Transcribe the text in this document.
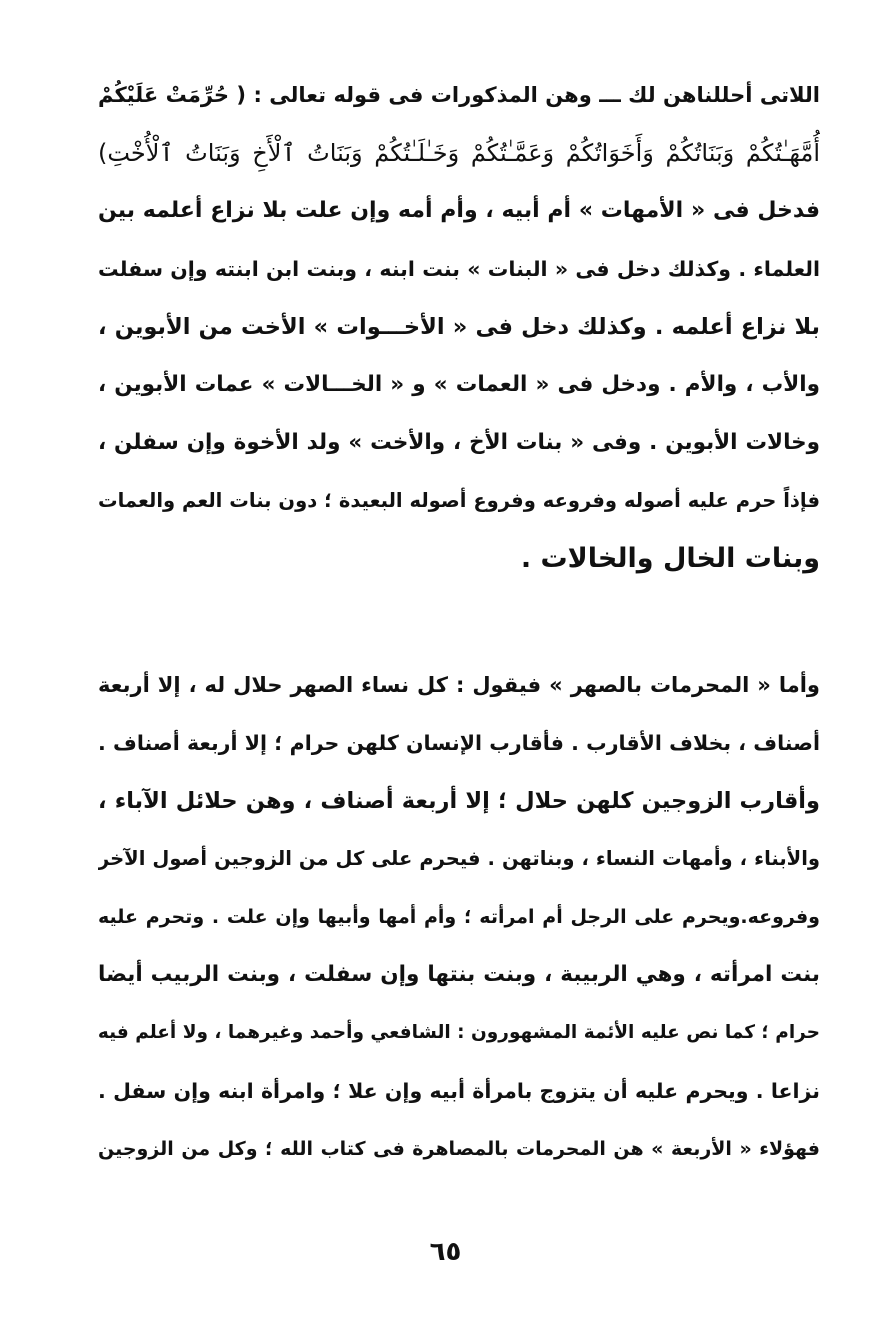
اللاتى أحللناهن لك ـــ وهن المذكورات فى قوله تعالى : ( حُرِّمَتْ عَلَيْكُمْ
أُمَّهَـٰتُكُمْ وَبَنَاتُكُمْ وَأَخَوَاتُكُمْ وَعَمَّـٰتُكُمْ وَخَـٰلَـٰتُكُمْ وَبَنَاتُ ٱلْأَخِ وَبَنَاتُ ٱلْأُخْتِ)
فدخل فى « الأمهات » أم أبيه ، وأم أمه وإن علت بلا نزاع أعلمه بين
العلماء . وكذلك دخل فى « البنات » بنت ابنه ، وبنت ابن ابنته وإن سفلت
بلا نزاع أعلمه . وكذلك دخل فى « الأخـــوات » الأخت من الأبوين ،
والأب ، والأم . ودخل فى « العمات » و « الخـــالات » عمات الأبوين ،
وخالات الأبوين . وفى « بنات الأخ ، والأخت » ولد الأخوة وإن سفلن ،
فإذاً حرم عليه أصوله وفروعه وفروع أصوله البعيدة ؛ دون بنات العم والعمات
وبنات الخال والخالات .
وأما « المحرمات بالصهر » فيقول : كل نساء الصهر حلال له ، إلا أربعة
أصناف ، بخلاف الأقارب . فأقارب الإنسان كلهن حرام ؛ إلا أربعة أصناف .
وأقارب الزوجين كلهن حلال ؛ إلا أربعة أصناف ، وهن حلائل الآباء ،
والأبناء ، وأمهات النساء ، وبناتهن . فيحرم على كل من الزوجين أصول الآخر
وفروعه.ويحرم على الرجل أم امرأته ؛ وأم أمها وأبيها وإن علت . وتحرم عليه
بنت امرأته ، وهي الربيبة ، وبنت بنتها وإن سفلت ، وبنت الربيب أيضا
حرام ؛ كما نص عليه الأئمة المشهورون : الشافعي وأحمد وغيرهما ، ولا أعلم فيه
نزاعا . ويحرم عليه أن يتزوج بامرأة أبيه وإن علا ؛ وامرأة ابنه وإن سفل .
فهؤلاء « الأربعة » هن المحرمات بالمصاهرة فى كتاب الله ؛ وكل من الزوجين
٦٥
